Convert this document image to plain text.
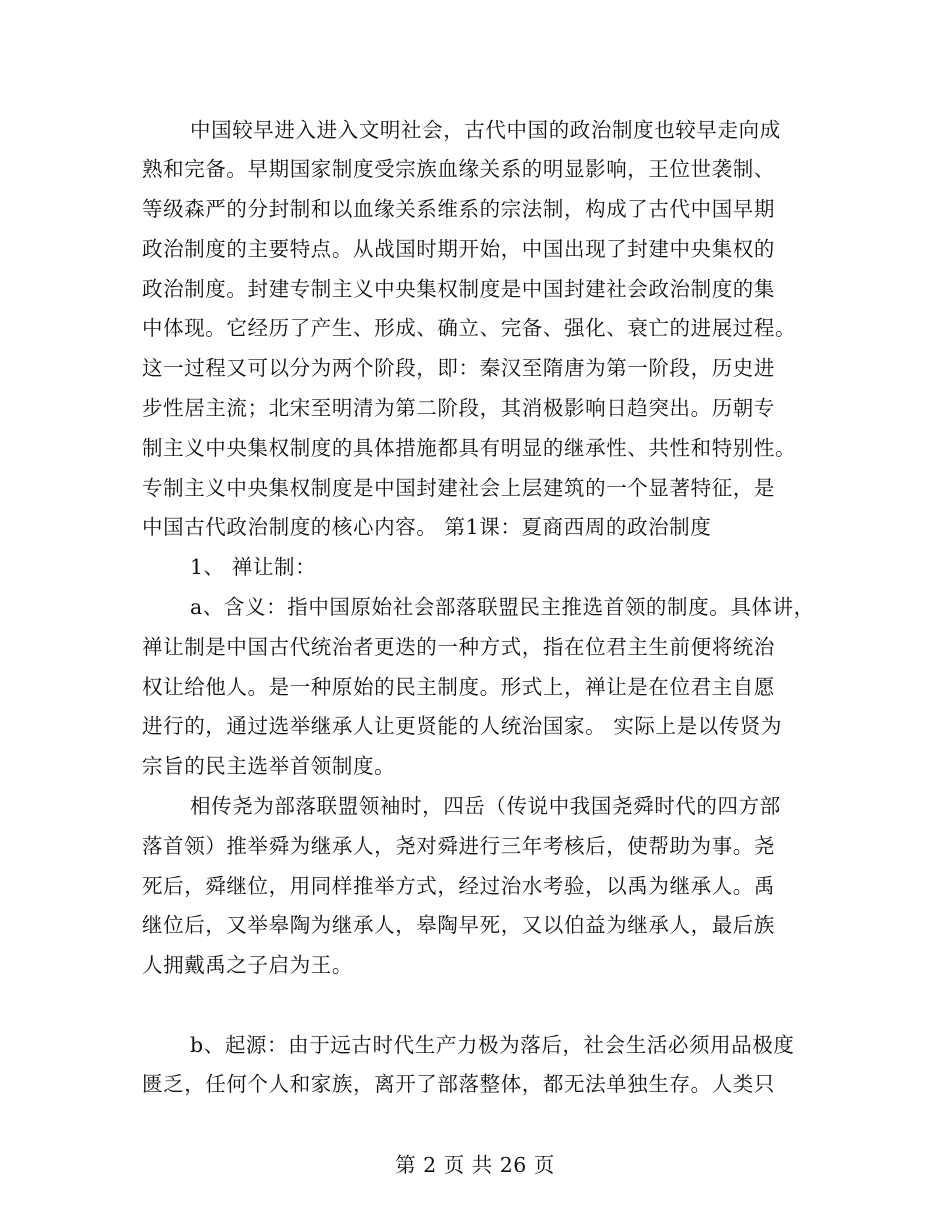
中国较早进入进入文明社会，古代中国的政治制度也较早走向成
熟和完备。早期国家制度受宗族血缘关系的明显影响，王位世袭制、
等级森严的分封制和以血缘关系维系的宗法制，构成了古代中国早期
政治制度的主要特点。从战国时期开始，中国出现了封建中央集权的
政治制度。封建专制主义中央集权制度是中国封建社会政治制度的集
中体现。它经历了产生、形成、确立、完备、强化、衰亡的进展过程。
这一过程又可以分为两个阶段，即：秦汉至隋唐为第一阶段，历史进
步性居主流；北宋至明清为第二阶段，其消极影响日趋突出。历朝专
制主义中央集权制度的具体措施都具有明显的继承性、共性和特别性。
专制主义中央集权制度是中国封建社会上层建筑的一个显著特征，是
中国古代政治制度的核心内容。 第1课：夏商西周的政治制度
1、 禅让制：
a、含义：指中国原始社会部落联盟民主推选首领的制度。具体讲，
禅让制是中国古代统治者更迭的一种方式，指在位君主生前便将统治
权让给他人。是一种原始的民主制度。形式上，禅让是在位君主自愿
进行的，通过选举继承人让更贤能的人统治国家。 实际上是以传贤为
宗旨的民主选举首领制度。
相传尧为部落联盟领袖时，四岳（传说中我国尧舜时代的四方部
落首领）推举舜为继承人，尧对舜进行三年考核后，使帮助为事。尧
死后，舜继位，用同样推举方式，经过治水考验，以禹为继承人。禹
继位后，又举皋陶为继承人，皋陶早死，又以伯益为继承人，最后族
人拥戴禹之子启为王。
b、起源：由于远古时代生产力极为落后，社会生活必须用品极度
匮乏，任何个人和家族，离开了部落整体，都无法单独生存。人类只
第 2 页 共 26 页
